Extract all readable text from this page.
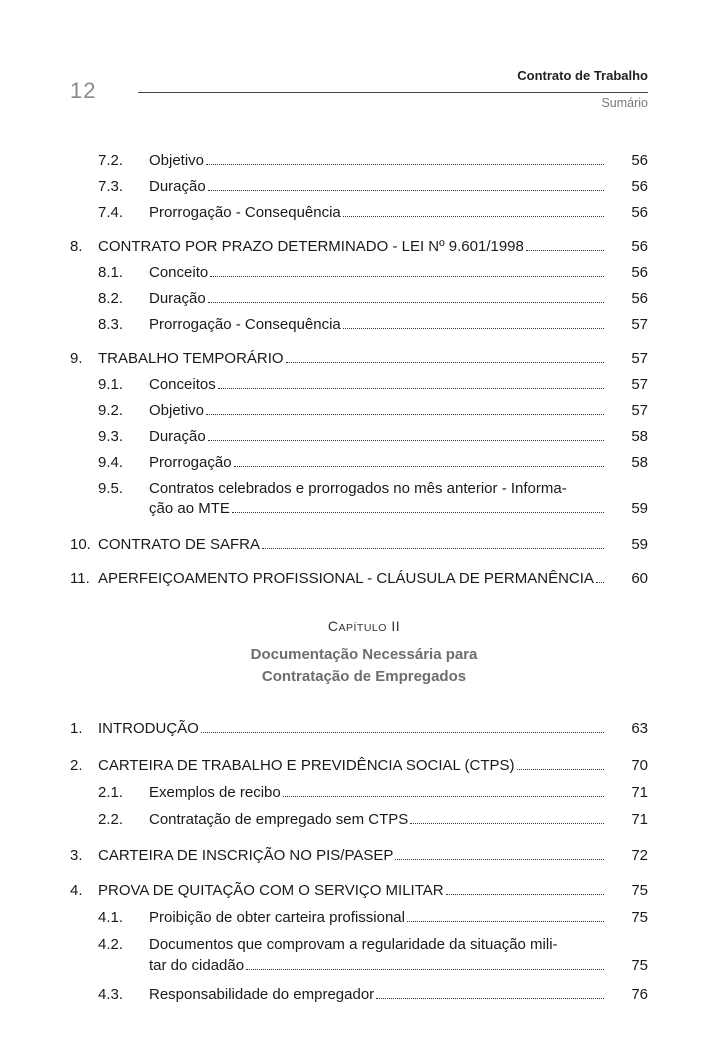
12
Contrato de Trabalho
Sumário
7.2. Objetivo	56
7.3. Duração	56
7.4. Prorrogação - Consequência	56
8. CONTRATO POR PRAZO DETERMINADO - LEI Nº 9.601/1998	56
8.1. Conceito	56
8.2. Duração	56
8.3. Prorrogação - Consequência	57
9. TRABALHO TEMPORÁRIO	57
9.1. Conceitos	57
9.2. Objetivo	57
9.3. Duração	58
9.4. Prorrogação	58
9.5. Contratos celebrados e prorrogados no mês anterior - Informa-
ção ao MTE	59
10. CONTRATO DE SAFRA	59
11. APERFEIÇOAMENTO PROFISSIONAL - CLÁUSULA DE PERMANÊNCIA 60
1. INTRODUÇÃO	63
2. CARTEIRA DE TRABALHO E PREVIDÊNCIA SOCIAL (CTPS)	70
2.1. Exemplos de recibo	71
2.2. Contratação de empregado sem CTPS	71
3. CARTEIRA DE INSCRIÇÃO NO PIS/PASEP	72
4. PROVA DE QUITAÇÃO COM O SERVIÇO MILITAR	75
4.1. Proibição de obter carteira profissional	75
4.2. Documentos que comprovam a regularidade da situação mili-
tar do cidadão	75
4.3. Responsabilidade do empregador	76
CAPÍTULO II
Documentação Necessária para
Contratação de Empregados
